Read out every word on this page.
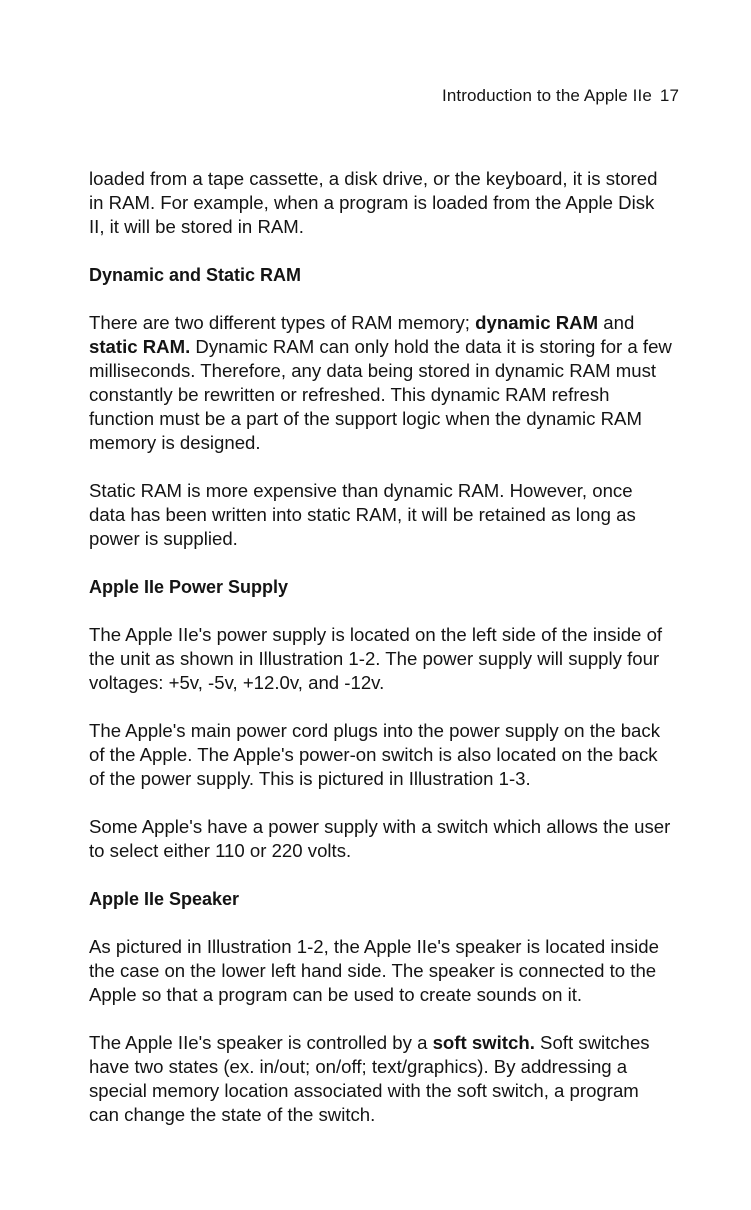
Introduction to the Apple IIe 17

loaded from a tape cassette, a disk drive, or the keyboard, it is stored in RAM. For example, when a program is loaded from the Apple Disk II, it will be stored in RAM.

Dynamic and Static RAM

There are two different types of RAM memory; dynamic RAM and static RAM. Dynamic RAM can only hold the data it is storing for a few milliseconds. Therefore, any data being stored in dynamic RAM must constantly be rewritten or refreshed. This dynamic RAM refresh function must be a part of the support logic when the dynamic RAM memory is designed.

Static RAM is more expensive than dynamic RAM. However, once data has been written into static RAM, it will be retained as long as power is supplied.

Apple IIe Power Supply

The Apple IIe's power supply is located on the left side of the inside of the unit as shown in Illustration 1-2. The power supply will supply four voltages: +5v, -5v, +12.0v, and -12v.

The Apple's main power cord plugs into the power supply on the back of the Apple. The Apple's power-on switch is also located on the back of the power supply. This is pictured in Illustration 1-3.

Some Apple's have a power supply with a switch which allows the user to select either 110 or 220 volts.

Apple IIe Speaker

As pictured in Illustration 1-2, the Apple IIe's speaker is located inside the case on the lower left hand side. The speaker is connected to the Apple so that a program can be used to create sounds on it.

The Apple IIe's speaker is controlled by a soft switch. Soft switches have two states (ex. in/out; on/off; text/graphics). By addressing a special memory location associated with the soft switch, a program can change the state of the switch.
